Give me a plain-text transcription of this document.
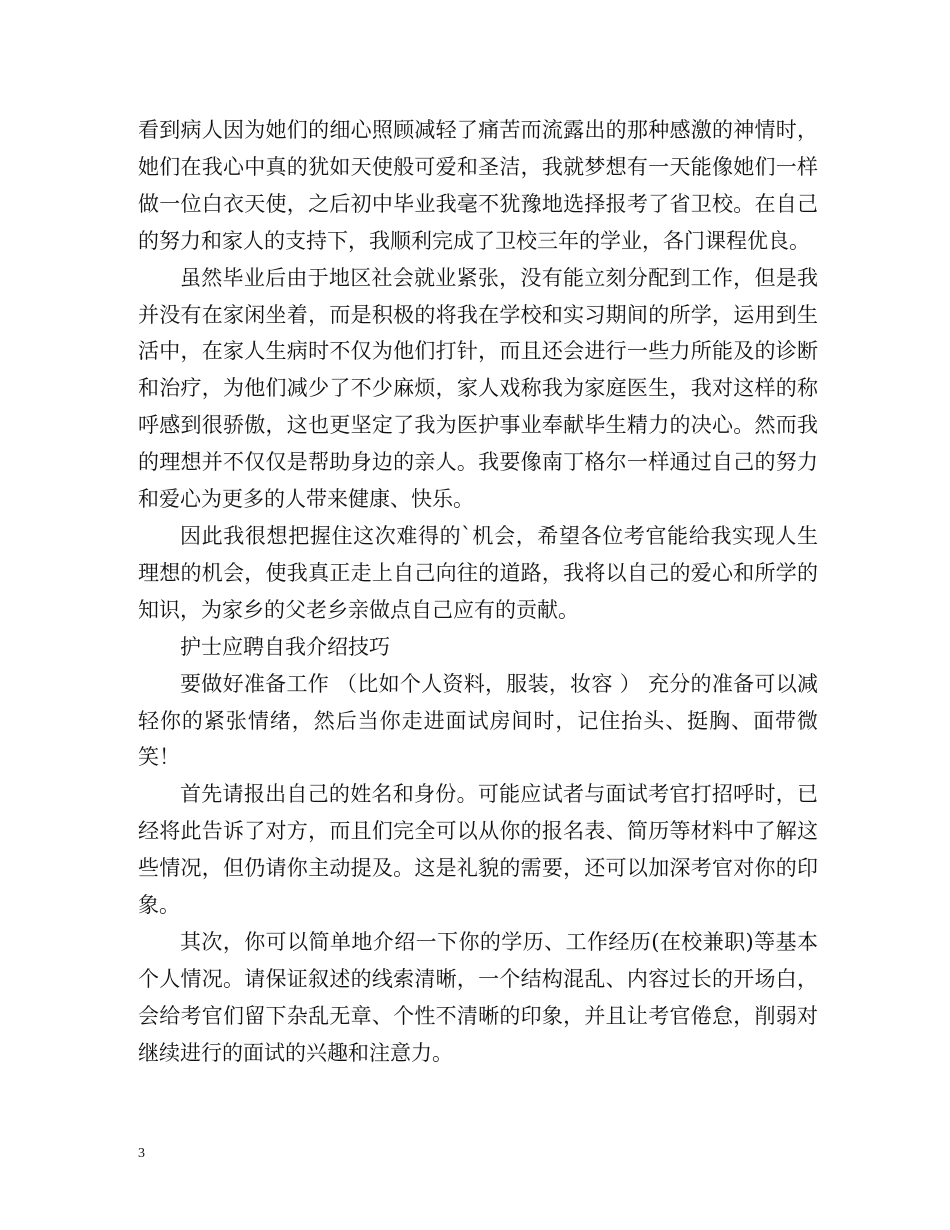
看到病人因为她们的细心照顾减轻了痛苦而流露出的那种感激的神情时，她们在我心中真的犹如天使般可爱和圣洁，我就梦想有一天能像她们一样做一位白衣天使，之后初中毕业我毫不犹豫地选择报考了省卫校。在自己的努力和家人的支持下，我顺利完成了卫校三年的学业，各门课程优良。

虽然毕业后由于地区社会就业紧张，没有能立刻分配到工作，但是我并没有在家闲坐着，而是积极的将我在学校和实习期间的所学，运用到生活中，在家人生病时不仅为他们打针，而且还会进行一些力所能及的诊断和治疗，为他们减少了不少麻烦，家人戏称我为家庭医生，我对这样的称呼感到很骄傲，这也更坚定了我为医护事业奉献毕生精力的决心。然而我的理想并不仅仅是帮助身边的亲人。我要像南丁格尔一样通过自己的努力和爱心为更多的人带来健康、快乐。

因此我很想把握住这次难得的`机会，希望各位考官能给我实现人生理想的机会，使我真正走上自己向往的道路，我将以自己的爱心和所学的知识，为家乡的父老乡亲做点自己应有的贡献。

护士应聘自我介绍技巧

要做好准备工作 （比如个人资料，服装，妆容 ） 充分的准备可以减轻你的紧张情绪，然后当你走进面试房间时，记住抬头、挺胸、面带微笑！

首先请报出自己的姓名和身份。可能应试者与面试考官打招呼时，已经将此告诉了对方，而且们完全可以从你的报名表、简历等材料中了解这些情况，但仍请你主动提及。这是礼貌的需要，还可以加深考官对你的印象。

其次，你可以简单地介绍一下你的学历、工作经历(在校兼职)等基本个人情况。请保证叙述的线索清晰，一个结构混乱、内容过长的开场白，会给考官们留下杂乱无章、个性不清晰的印象，并且让考官倦怠，削弱对继续进行的面试的兴趣和注意力。

3
